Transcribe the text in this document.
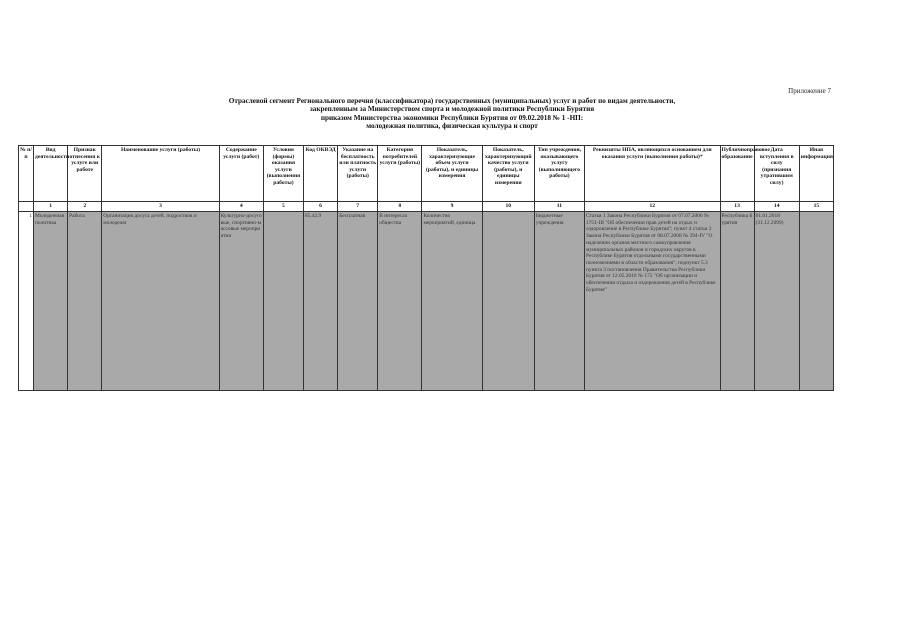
Приложение 7
Отраслевой сегмент Регионального перечня (классификатора) государственных (муниципальных) услуг и работ по видам деятельности,
закрепленным за Министерством спорта и молодежной политики Республики Бурятия
приказом Министерства экономики Республики Бурятия от 09.02.2018 № 1 -НП:
молодежная политика, физическая культура и спорт
№ п/п	Вид деятельности	Признак отнесения к услуге или работе	Наименование услуги (работы)	Содержание услуги (работ)	Условия (формы) оказания услуги (выполнения работы)	Код ОКВЭД	Указание на бесплатность или платность услуги (работы)	Категория потребителей услуги (работы)	Показатель, характеризующие объем услуги (работы), и единицы измерения	Показатель, характеризующий качество услуги (работы), и единицы измерения	Тип учреждения, оказывающего услугу (выполняющего работы)	Реквизиты НПА, являющихся основанием для оказания услуги (выполнения работы)*	Публичноправовое образование	Дата вступления в силу (признания утратившим силу)	Иная информация
	1	2	3	4	5	6	7	8	9	10	11	12	13	14	15
1	Молодежная политика	Работа	Организация досуга детей, подростков и молодежи	Культурно-досуговые, спортивно-массовые мероприятия		85.42.9	Бесплатная	В интересах общества	Количество мероприятий, единица		Бюджетные учреждения	Статья 1 Закона Республики Бурятия от 07.07.2006 № 1751-III "Об обеспечении прав детей на отдых и оздоровление в Республике Бурятия"; пункт 4 статьи 3 Закона Республики Бурятия от 08.07.2008 № 394-IV "О наделении органов местного самоуправления муниципальных районов и городских округов в Республике Бурятия отдельными государственными полномочиями в области образования"; подпункт 5.3 пункта 3 постановления Правительства Республики Бурятия от 12.05.2010 № 175 "Об организации и обеспечении отдыха и оздоровления детей в Республике Бурятия"	Республика Бурятия	01.01.2018 (31.12.2099)	
